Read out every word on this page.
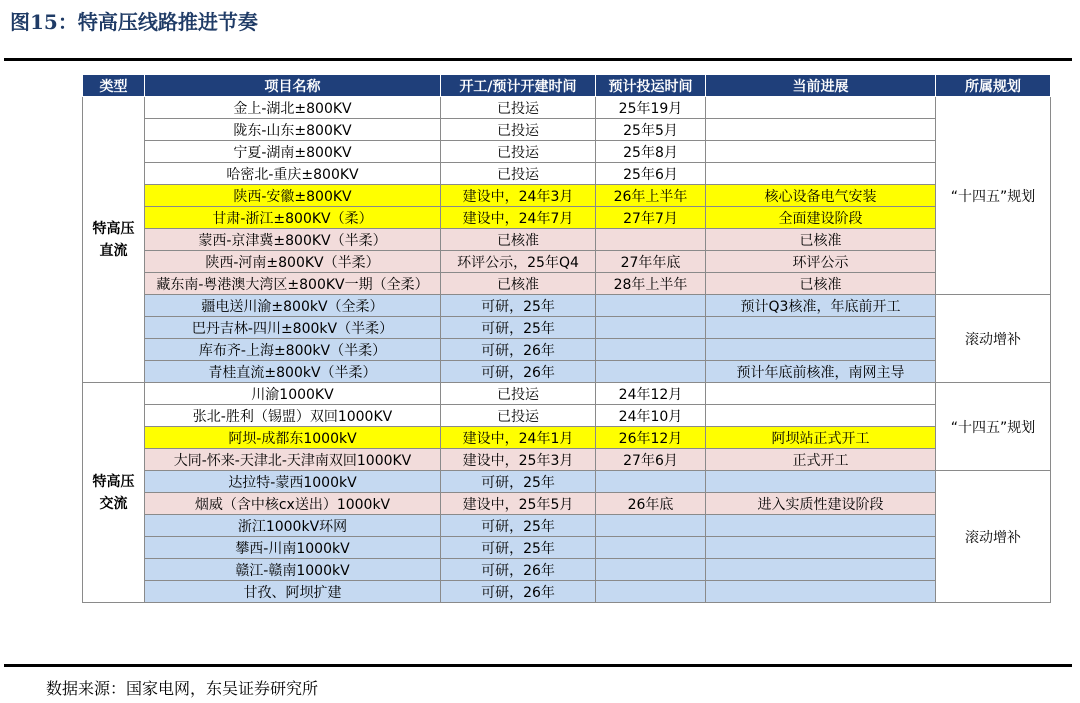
图15：特高压线路推进节奏
类型	项目名称	开工/预计开建时间	预计投运时间	当前进展	所属规划
特高压
直流	金上-湖北±800KV	已投运	25年19月		“十四五”规划
	陇东-山东±800KV	已投运	25年5月		
	宁夏-湖南±800KV	已投运	25年8月		
	哈密北-重庆±800KV	已投运	25年6月		
	陕西-安徽±800KV	建设中，24年3月	26年上半年	核心设备电气安装	
	甘肃-浙江±800KV（柔）	建设中，24年7月	27年7月	全面建设阶段	
	蒙西-京津冀±800KV（半柔）	已核准		已核准	
	陕西-河南±800KV（半柔）	环评公示，25年Q4	27年年底	环评公示	
	藏东南-粤港澳大湾区±800KV一期（全柔）	已核准	28年上半年	已核准	
	疆电送川渝±800kV（全柔）	可研，25年		预计Q3核准，年底前开工	滚动增补
	巴丹吉林-四川±800kV（半柔）	可研，25年			
	库布齐-上海±800kV（半柔）	可研，26年			
	青桂直流±800kV（半柔）	可研，26年		预计年底前核准，南网主导	
特高压
交流	川渝1000KV	已投运	24年12月		“十四五”规划
	张北-胜利（锡盟）双回1000KV	已投运	24年10月		
	阿坝-成都东1000kV	建设中，24年1月	26年12月	阿坝站正式开工	
	大同-怀来-天津北-天津南双回1000KV	建设中，25年3月	27年6月	正式开工	
	达拉特-蒙西1000kV	可研，25年			滚动增补
	烟威（含中核cx送出）1000kV	建设中，25年5月	26年底	进入实质性建设阶段	
	浙江1000kV环网	可研，25年			
	攀西-川南1000kV	可研，25年			
	赣江-赣南1000kV	可研，26年			
	甘孜、阿坝扩建	可研，26年			
数据来源：国家电网，东吴证券研究所
